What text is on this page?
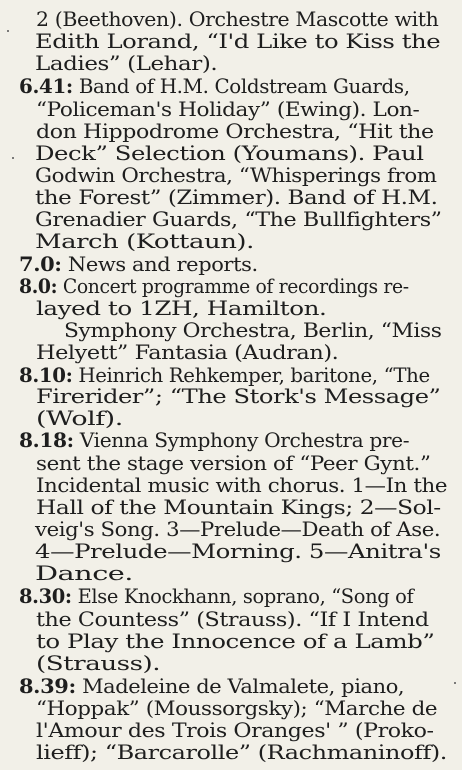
2 (Beethoven). Orchestre Mascotte with
Edith Lorand, “I'd Like to Kiss the
Ladies” (Lehar).
6.41: Band of H.M. Coldstream Guards,
“Policeman's Holiday” (Ewing). Lon-
don Hippodrome Orchestra, “Hit the
Deck” Selection (Youmans). Paul
Godwin Orchestra, “Whisperings from
the Forest” (Zimmer). Band of H.M.
Grenadier Guards, “The Bullfighters”
March (Kottaun).
7.0: News and reports.
8.0: Concert programme of recordings re-
layed to 1ZH, Hamilton.
Symphony Orchestra, Berlin, “Miss
Helyett” Fantasia (Audran).
8.10: Heinrich Rehkemper, baritone, “The
Firerider”; “The Stork's Message”
(Wolf).
8.18: Vienna Symphony Orchestra pre-
sent the stage version of “Peer Gynt.”
Incidental music with chorus. 1—In the
Hall of the Mountain Kings; 2—Sol-
veig's Song. 3—Prelude—Death of Ase.
4—Prelude—Morning. 5—Anitra's
Dance.
8.30: Else Knockhann, soprano, “Song of
the Countess” (Strauss). “If I Intend
to Play the Innocence of a Lamb”
(Strauss).
8.39: Madeleine de Valmalete, piano,
“Hoppak” (Moussorgsky); “Marche de
l'Amour des Trois Oranges' ” (Proko-
lieff); “Barcarolle” (Rachmaninoff).
